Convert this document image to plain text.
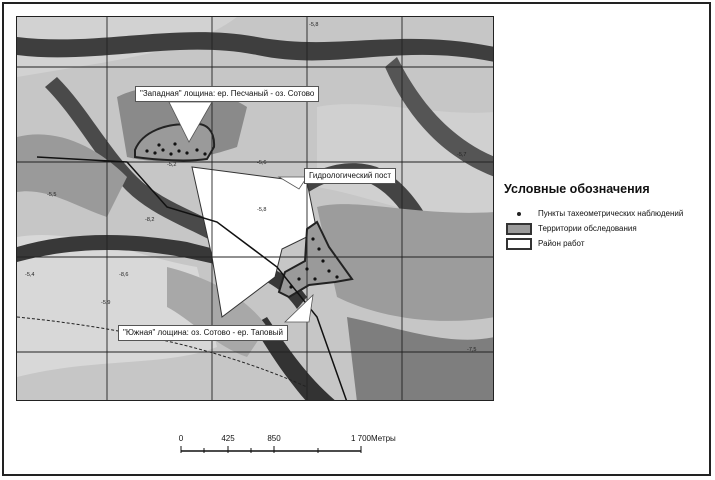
-5,8
-5,2
-5,8
-8,2
-5,7
-8,6
-5,6
-5,9
-5,4
-7,5
-5,5
"Западная" лощина: ер. Песчаный - оз. Сотово
Гидрологический пост
"Южная" лощина: оз. Сотово - ер. Таповый
Условные обозначения
Пункты тахеометрических наблюдений
Территории обследования
Район работ
0	425	850	1 700 Метры
